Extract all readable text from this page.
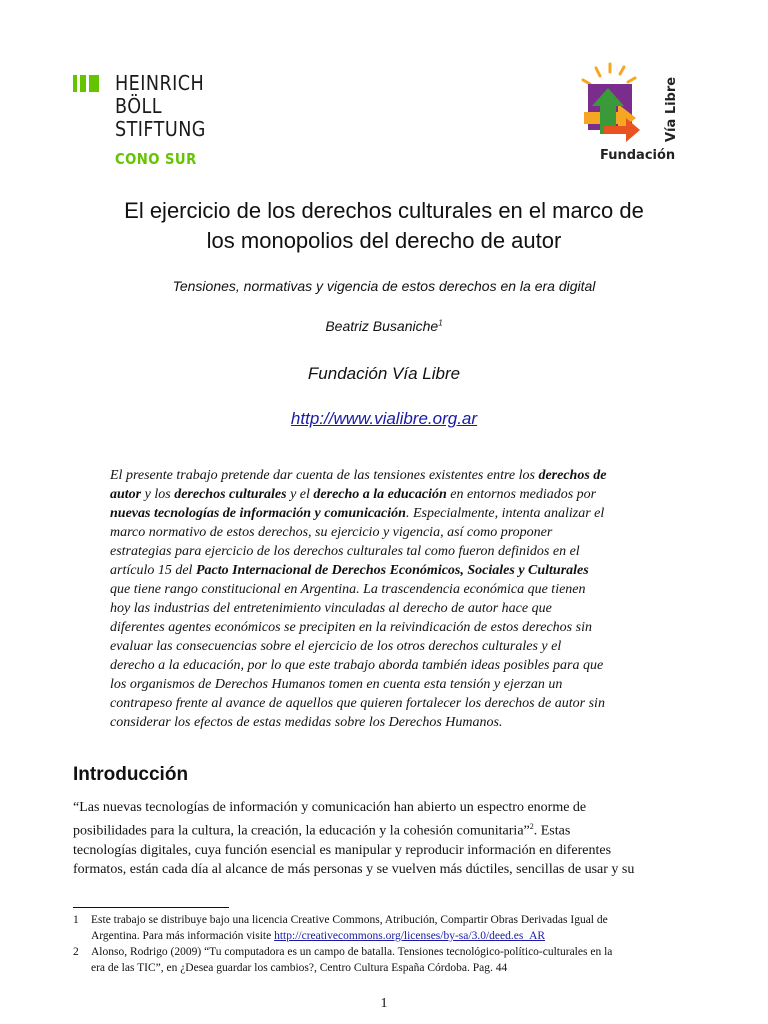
HEINRICH
BÖLL
STIFTUNG
CONO SUR	Fundación
Vía Libre
El ejercicio de los derechos culturales en el marco de
los monopolios del derecho de autor
Tensiones, normativas y vigencia de estos derechos en la era digital
Beatriz Busaniche$^1$
Fundación Vía Libre
http://www.vialibre.org.ar
El presente trabajo pretende dar cuenta de las tensiones existentes entre los derechos de
autor y los derechos culturales y el derecho a la educación en entornos mediados por
nuevas tecnologías de información y comunicación. Especialmente, intenta analizar el
marco normativo de estos derechos, su ejercicio y vigencia, así como proponer
estrategias para ejercicio de los derechos culturales tal como fueron definidos en el
artículo 15 del Pacto Internacional de Derechos Económicos, Sociales y Culturales
que tiene rango constitucional en Argentina. La trascendencia económica que tienen
hoy las industrias del entretenimiento vinculadas al derecho de autor hace que
diferentes agentes económicos se precipiten en la reivindicación de estos derechos sin
evaluar las consecuencias sobre el ejercicio de los otros derechos culturales y el
derecho a la educación, por lo que este trabajo aborda también ideas posibles para que
los organismos de Derechos Humanos tomen en cuenta esta tensión y ejerzan un
contrapeso frente al avance de aquellos que quieren fortalecer los derechos de autor sin
considerar los efectos de estas medidas sobre los Derechos Humanos.
Introducción
“Las nuevas tecnologías de información y comunicación han abierto un espectro enorme de
posibilidades para la cultura, la creación, la educación y la cohesión comunitaria”$^2$. Estas
tecnologías digitales, cuya función esencial es manipular y reproducir información en diferentes
formatos, están cada día al alcance de más personas y se vuelven más dúctiles, sencillas de usar y su
1 Este trabajo se distribuye bajo una licencia Creative Commons, Atribución, Compartir Obras Derivadas Igual de
Argentina. Para más información visite http://creativecommons.org/licenses/by-sa/3.0/deed.es_AR
2 Alonso, Rodrigo (2009) “Tu computadora es un campo de batalla. Tensiones tecnológico-político-culturales en la
era de las TIC”, en ¿Desea guardar los cambios?, Centro Cultura España Córdoba. Pag. 44
1
